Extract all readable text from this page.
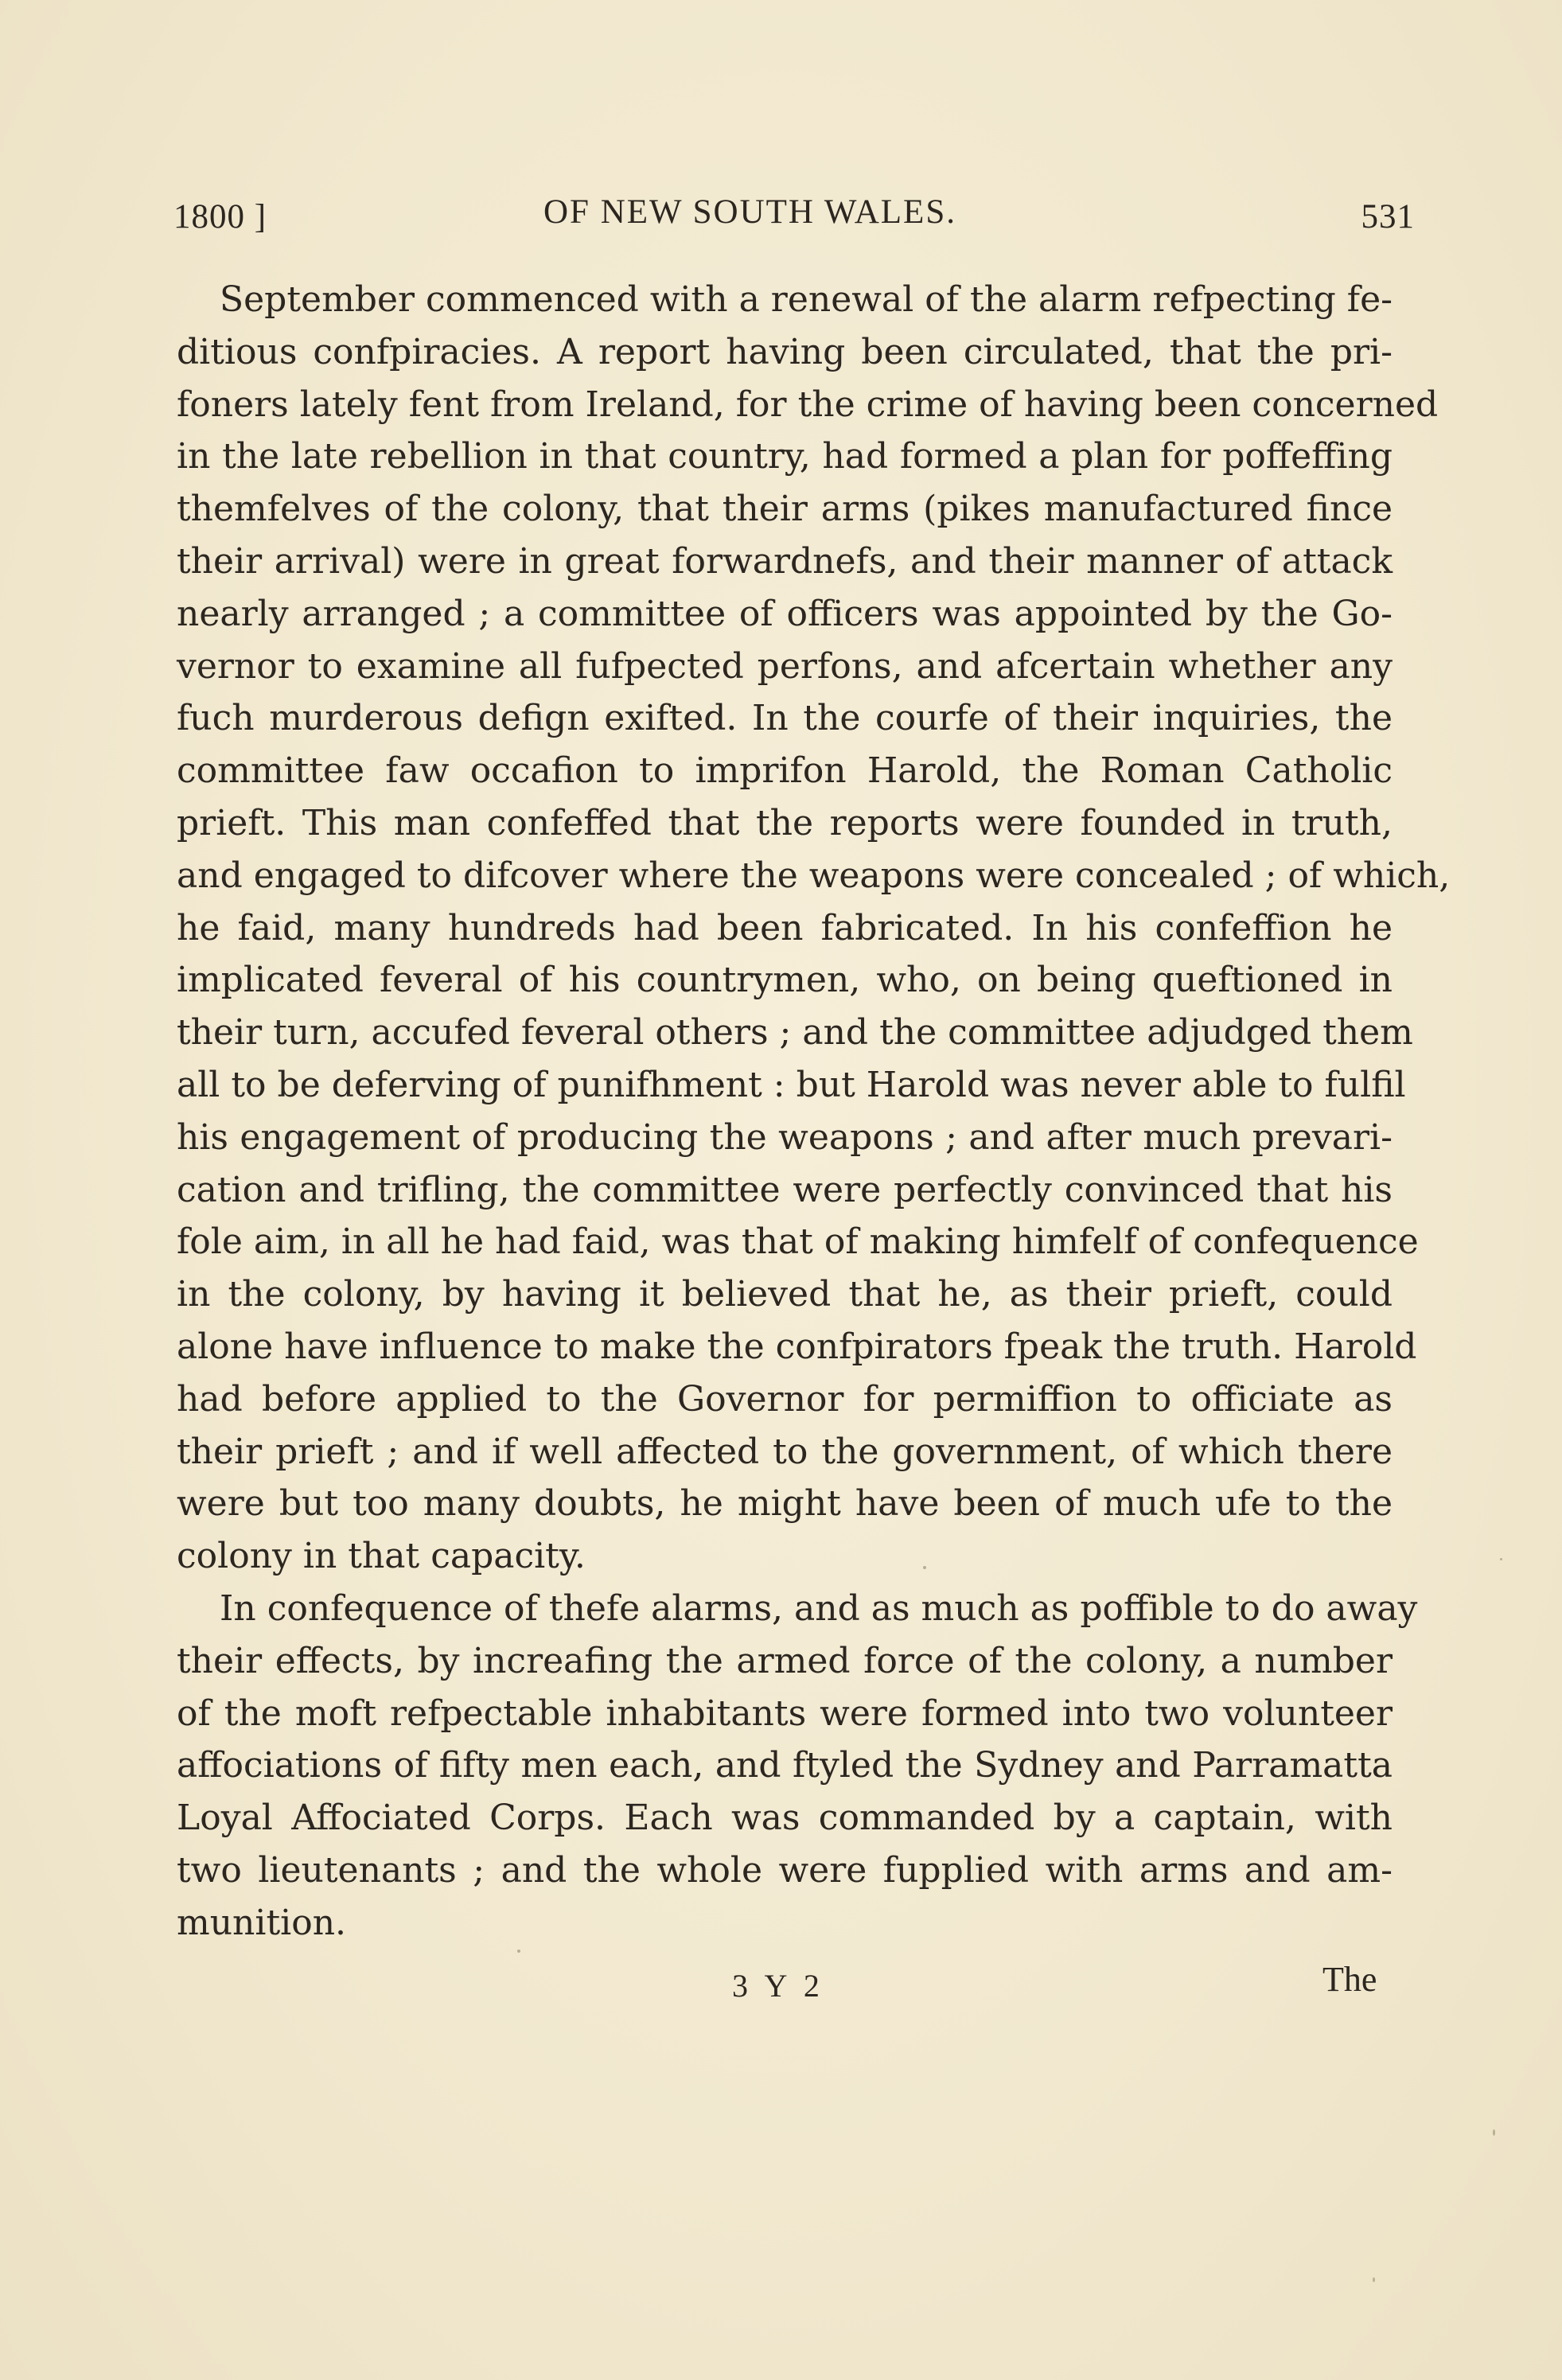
1800 ]	OF NEW SOUTH WALES.	531
September commenced with a renewal of the alarm refpecting fe-
ditious confpiracies. A report having been circulated, that the pri-
foners lately fent from Ireland, for the crime of having been concerned
in the late rebellion in that country, had formed a plan for poffeffing
themfelves of the colony, that their arms (pikes manufactured fince
their arrival) were in great forwardnefs, and their manner of attack
nearly arranged ; a committee of officers was appointed by the Go-
vernor to examine all fufpected perfons, and afcertain whether any
fuch murderous defign exifted. In the courfe of their inquiries, the
committee faw occafion to imprifon Harold, the Roman Catholic
prieft. This man confeffed that the reports were founded in truth,
and engaged to difcover where the weapons were concealed ; of which,
he faid, many hundreds had been fabricated. In his confeffion he
implicated feveral of his countrymen, who, on being queftioned in
their turn, accufed feveral others ; and the committee adjudged them
all to be deferving of punifhment : but Harold was never able to fulfil
his engagement of producing the weapons ; and after much prevari-
cation and trifling, the committee were perfectly convinced that his
fole aim, in all he had faid, was that of making himfelf of confequence
in the colony, by having it believed that he, as their prieft, could
alone have influence to make the confpirators fpeak the truth. Harold
had before applied to the Governor for permiffion to officiate as
their prieft ; and if well affected to the government, of which there
were but too many doubts, he might have been of much ufe to the
colony in that capacity.
In confequence of thefe alarms, and as much as poffible to do away
their effects, by increafing the armed force of the colony, a number
of the moft refpectable inhabitants were formed into two volunteer
affociations of fifty men each, and ftyled the Sydney and Parramatta
Loyal Affociated Corps. Each was commanded by a captain, with
two lieutenants ; and the whole were fupplied with arms and am-
munition.
3 Y 2	The
